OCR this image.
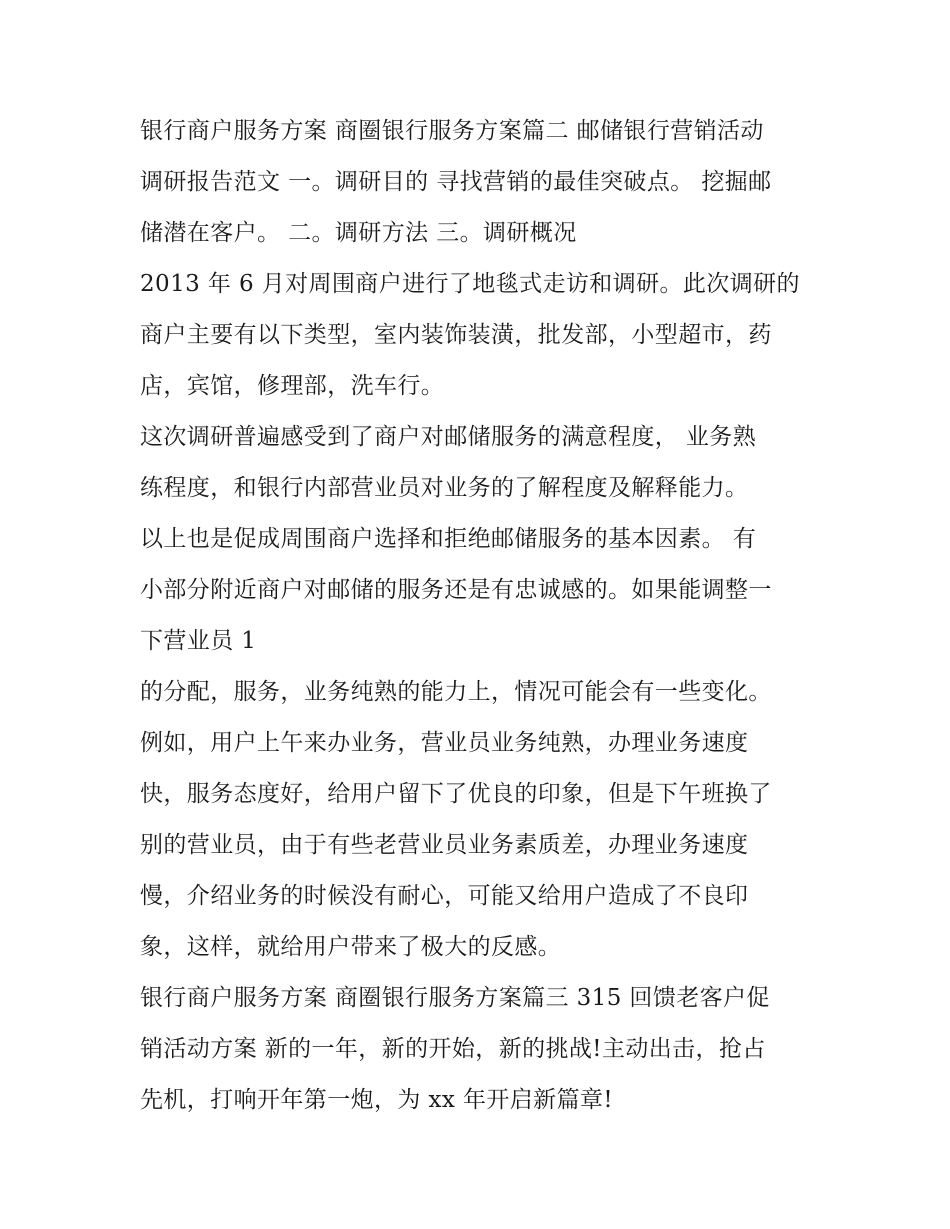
银行商户服务方案 商圈银行服务方案篇二 邮储银行营销活动
调研报告范文 一。调研目的 寻找营销的最佳突破点。 挖掘邮
储潜在客户。 二。调研方法 三。调研概况
2013 年 6 月对周围商户进行了地毯式走访和调研。此次调研的
商户主要有以下类型，室内装饰装潢，批发部，小型超市，药
店，宾馆，修理部，洗车行。
这次调研普遍感受到了商户对邮储服务的满意程度， 业务熟
练程度，和银行内部营业员对业务的了解程度及解释能力。
以上也是促成周围商户选择和拒绝邮储服务的基本因素。 有
小部分附近商户对邮储的服务还是有忠诚感的。如果能调整一
下营业员 1
的分配，服务，业务纯熟的能力上，情况可能会有一些变化。
例如，用户上午来办业务，营业员业务纯熟，办理业务速度
快，服务态度好，给用户留下了优良的印象，但是下午班换了
别的营业员，由于有些老营业员业务素质差，办理业务速度
慢，介绍业务的时候没有耐心，可能又给用户造成了不良印
象，这样，就给用户带来了极大的反感。
银行商户服务方案 商圈银行服务方案篇三 315 回馈老客户促
销活动方案 新的一年，新的开始，新的挑战!主动出击，抢占
先机，打响开年第一炮，为 xx 年开启新篇章!
